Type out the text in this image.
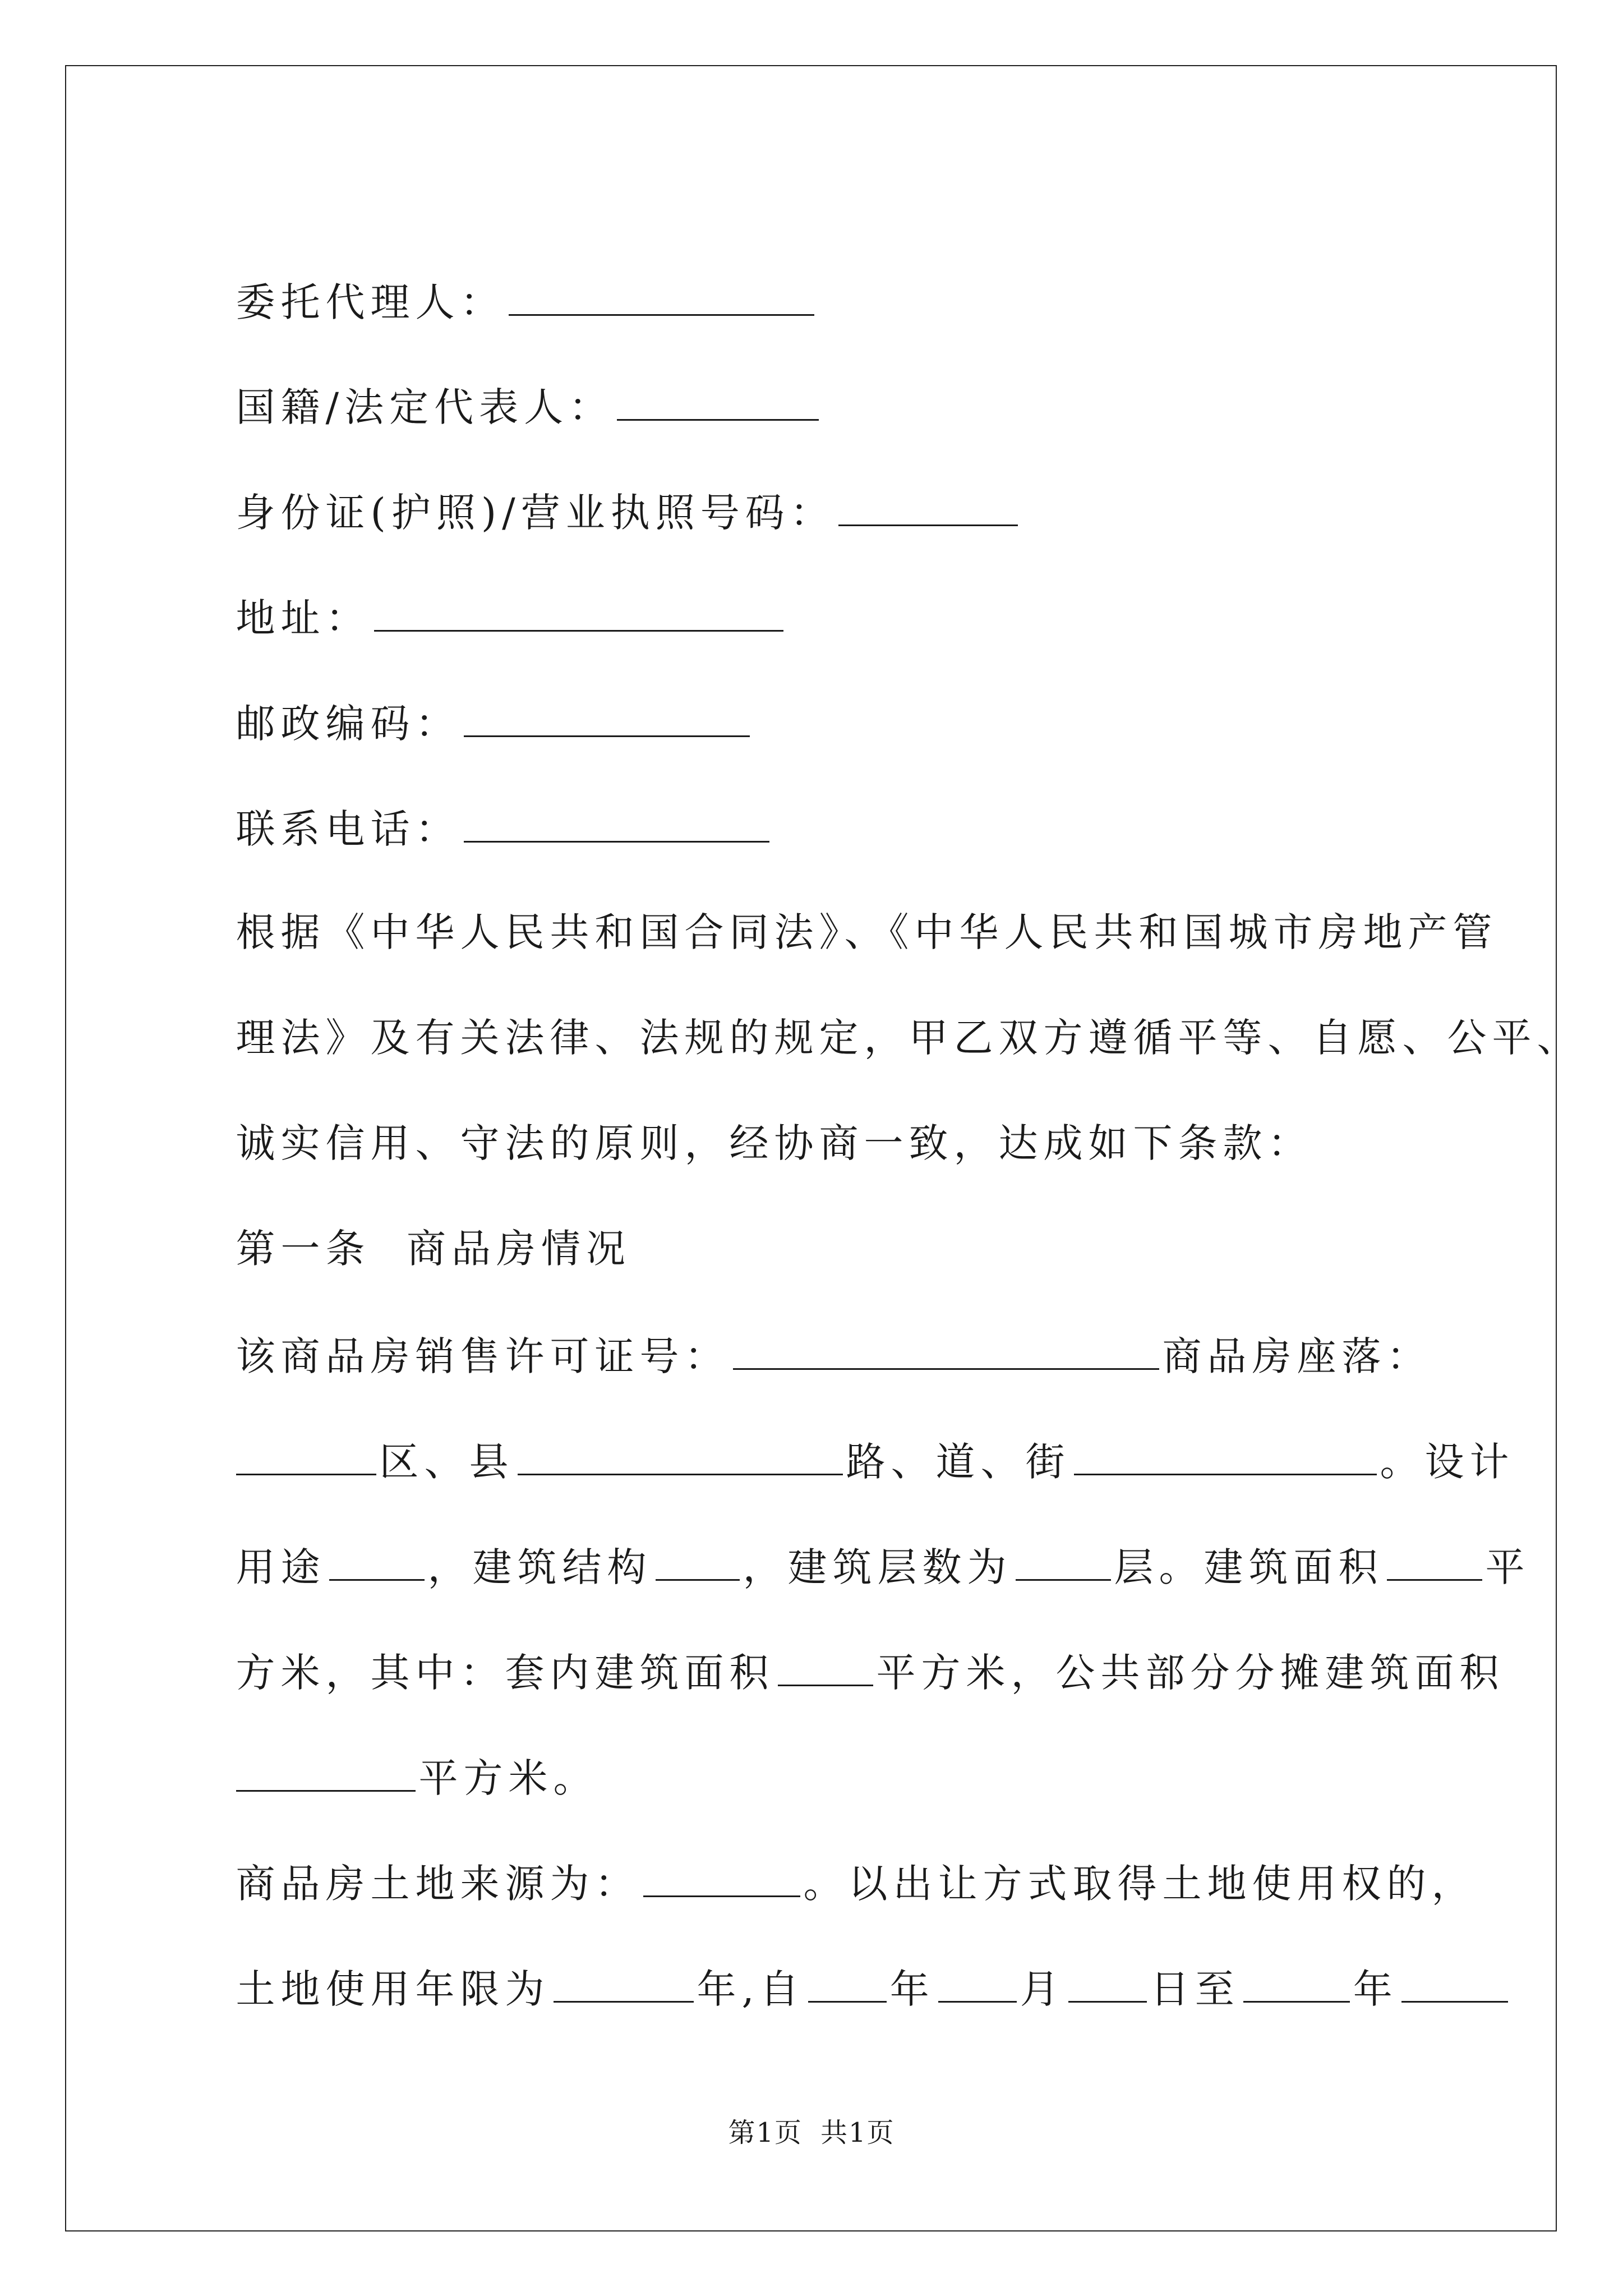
委托代理人：

国籍/法定代表人：

身份证(护照)/营业执照号码：

地址：

邮政编码：

联系电话：

根据《中华人民共和国合同法》、《中华人民共和国城市房地产管

理法》及有关法律、法规的规定，甲乙双方遵循平等、自愿、公平、

诚实信用、守法的原则，经协商一致，达成如下条款：

第一条  商品房情况

该商品房销售许可证号：	商品房座落：

区、县	路、道、街	。设计

用途	，建筑结构 ，建筑层数为	层。建筑面积	平

方米，其中：套内建筑面积	平方米，公共部分分摊建筑面积

平方米。

商品房土地来源为：	。以出让方式取得土地使用权的，

土地使用年限为	年,自 年 月 日至	年

第1页 共1页
